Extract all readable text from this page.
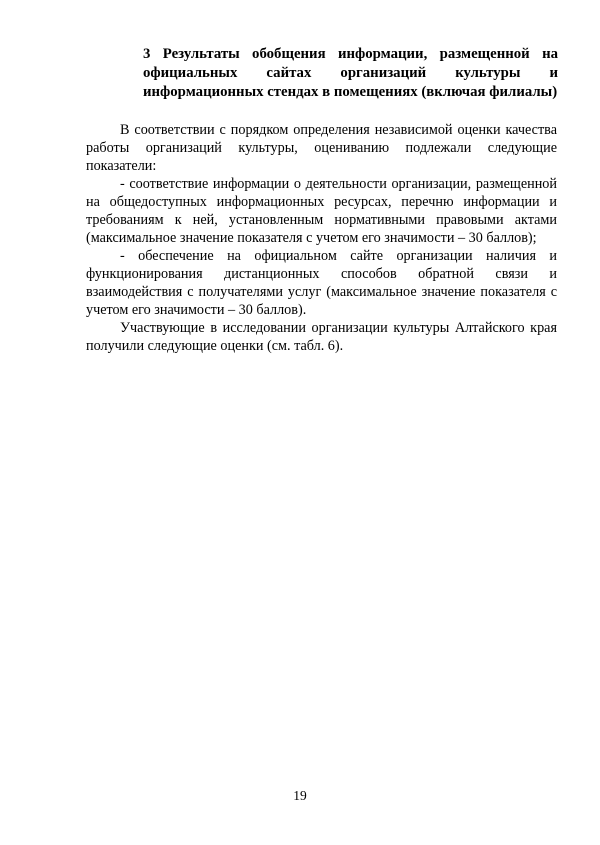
3 Результаты обобщения информации, размещенной на
официальных сайтах организаций культуры и
информационных стендах в помещениях (включая филиалы)
В соответствии с порядком определения независимой оценки качества
работы организаций культуры, оцениванию подлежали следующие
показатели:
- соответствие информации о деятельности организации, размещенной
на общедоступных информационных ресурсах, перечню информации и
требованиям к ней, установленным нормативными правовыми актами
(максимальное значение показателя с учетом его значимости – 30 баллов);
- обеспечение на официальном сайте организации наличия и
функционирования дистанционных способов обратной связи и
взаимодействия с получателями услуг (максимальное значение показателя с
учетом его значимости – 30 баллов).
Участвующие в исследовании организации культуры Алтайского края
получили следующие оценки (см. табл. 6).
19
